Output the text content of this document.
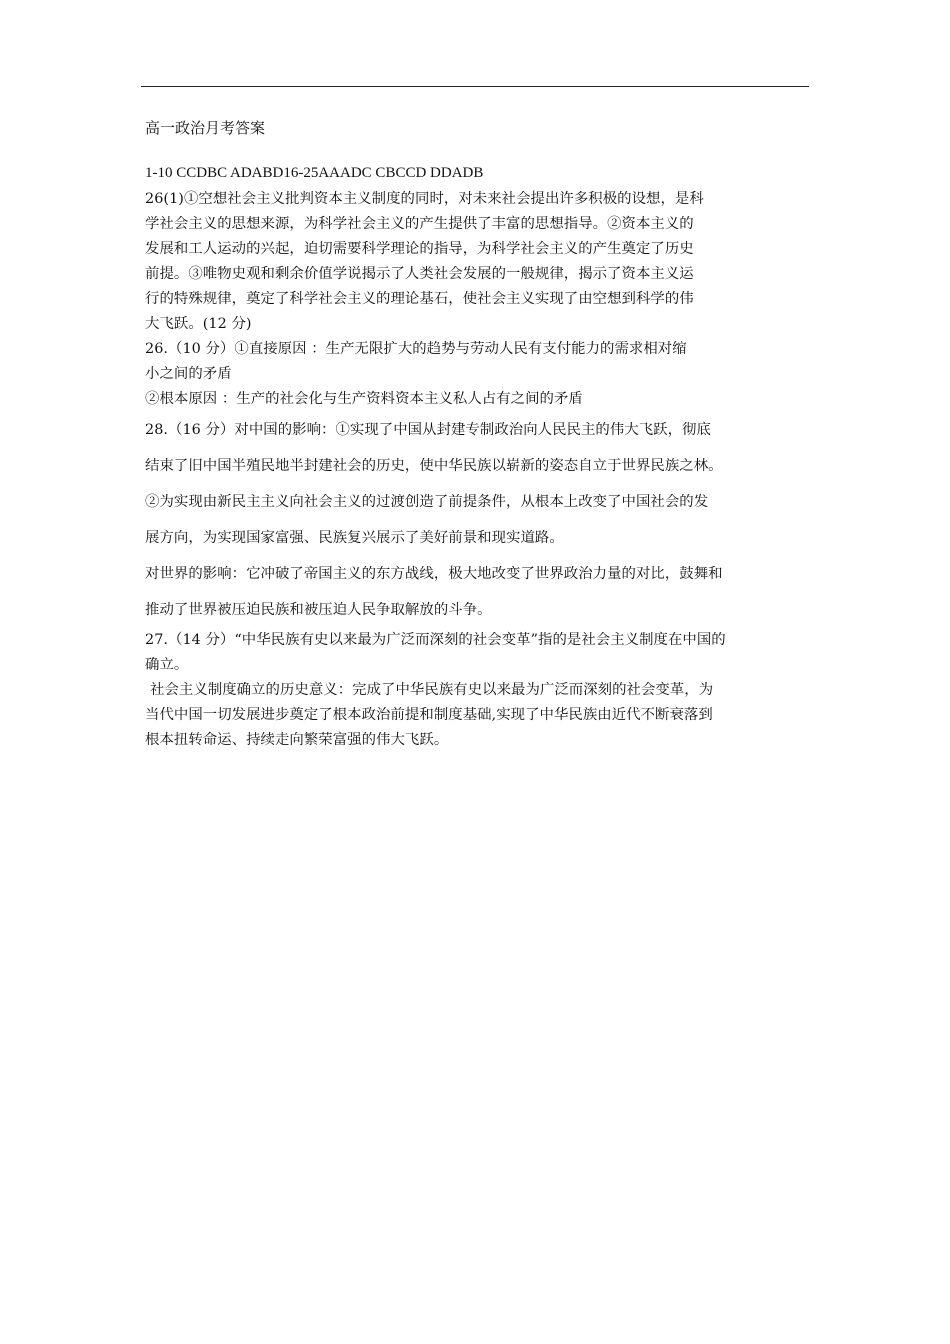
高一政治月考答案
1-10 CCDBC ADABD16-25AAADC CBCCD DDADB

26(1)①空想社会主义批判资本主义制度的同时，对未来社会提出许多积极的设想，是科

学社会主义的思想来源，为科学社会主义的产生提供了丰富的思想指导。②资本主义的

发展和工人运动的兴起，迫切需要科学理论的指导，为科学社会主义的产生奠定了历史

前提。③唯物史观和剩余价值学说揭示了人类社会发展的一般规律，揭示了资本主义运

行的特殊规律，奠定了科学社会主义的理论基石，使社会主义实现了由空想到科学的伟

大飞跃。(12 分)

26.（10 分）①直接原因 ：生产无限扩大的趋势与劳动人民有支付能力的需求相对缩

小之间的矛盾

②根本原因 ：生产的社会化与生产资料资本主义私人占有之间的矛盾

28.（16 分）对中国的影响：①实现了中国从封建专制政治向人民民主的伟大飞跃，彻底

结束了旧中国半殖民地半封建社会的历史，使中华民族以崭新的姿态自立于世界民族之林。

②为实现由新民主主义向社会主义的过渡创造了前提条件，从根本上改变了中国社会的发

展方向，为实现国家富强、民族复兴展示了美好前景和现实道路。

对世界的影响：它冲破了帝国主义的东方战线，极大地改变了世界政治力量的对比，鼓舞和

推动了世界被压迫民族和被压迫人民争取解放的斗争。

27.（14 分）“中华民族有史以来最为广泛而深刻的社会变革”指的是社会主义制度在中国的

确立。

社会主义制度确立的历史意义：完成了中华民族有史以来最为广泛而深刻的社会变革，为

当代中国一切发展进步奠定了根本政治前提和制度基础,实现了中华民族由近代不断衰落到

根本扭转命运、持续走向繁荣富强的伟大飞跃。
